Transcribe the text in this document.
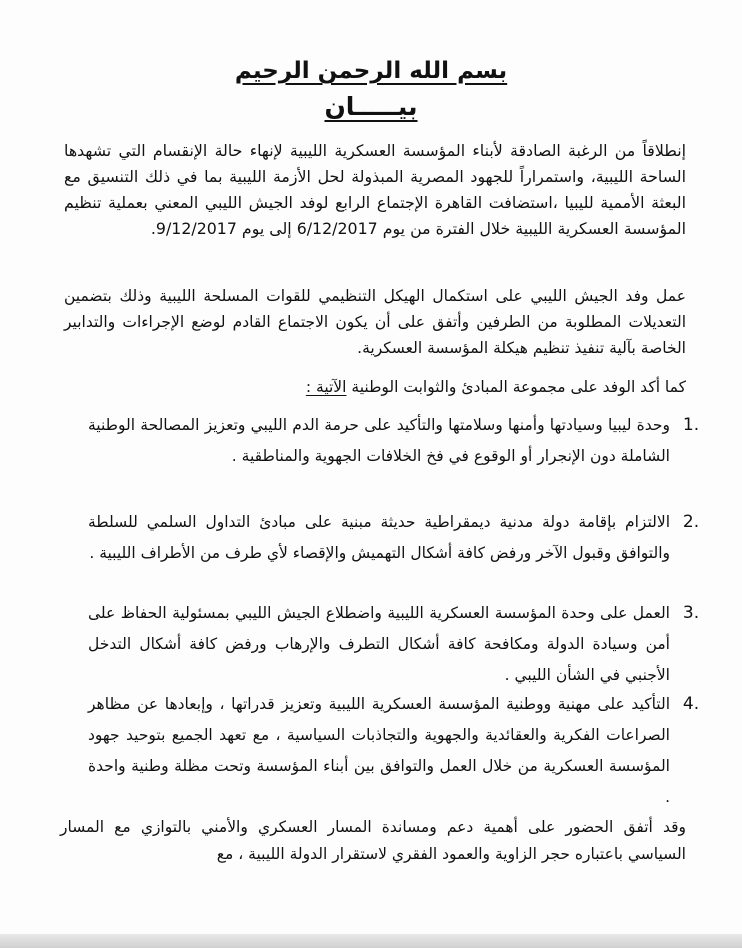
بسم الله الرحمن الرحيم
بيـــــان
إنطلاقاً من الرغبة الصادقة لأبناء المؤسسة العسكرية الليبية لإنهاء حالة الإنقسام التي تشهدها الساحة الليبية، واستمراراً للجهود المصرية المبذولة لحل الأزمة الليبية بما في ذلك التنسيق مع البعثة الأممية لليبيا ،استضافت القاهرة الإجتماع الرابع لوفد الجيش الليبي المعني بعملية تنظيم المؤسسة العسكرية الليبية خلال الفترة من يوم 6/12/2017 إلى يوم 9/12/2017.
عمل وفد الجيش الليبي على استكمال الهيكل التنظيمي للقوات المسلحة الليبية وذلك بتضمين التعديلات المطلوبة من الطرفين وأتفق على أن يكون الاجتماع القادم لوضع الإجراءات والتدابير الخاصة بآلية تنفيذ تنظيم هيكلة المؤسسة العسكرية.
كما أكد الوفد على مجموعة المبادئ والثوابت الوطنية الآتية :
1.
وحدة ليبيا وسيادتها وأمنها وسلامتها والتأكيد على حرمة الدم الليبي وتعزيز المصالحة الوطنية الشاملة دون الإنجرار أو الوقوع في فخ الخلافات الجهوية والمناطقية .
2.
الالتزام بإقامة دولة مدنية ديمقراطية حديثة مبنية على مبادئ التداول السلمي للسلطة والتوافق وقبول الآخر ورفض كافة أشكال التهميش والإقصاء لأي طرف من الأطراف الليبية .
3.
العمل على وحدة المؤسسة العسكرية الليبية واضطلاع الجيش الليبي بمسئولية الحفاظ على أمن وسيادة الدولة ومكافحة كافة أشكال التطرف والإرهاب ورفض كافة أشكال التدخل الأجنبي في الشأن الليبي .
4.
التأكيد على مهنية ووطنية المؤسسة العسكرية الليبية وتعزيز قدراتها ، وإبعادها عن مظاهر الصراعات الفكرية والعقائدية والجهوية والتجاذبات السياسية ، مع تعهد الجميع بتوحيد جهود المؤسسة العسكرية من خلال العمل والتوافق بين أبناء المؤسسة وتحت مظلة وطنية واحدة .
وقد أتفق الحضور على أهمية دعم ومساندة المسار العسكري والأمني بالتوازي مع المسار السياسي باعتباره حجر الزاوية والعمود الفقري لاستقرار الدولة الليبية ، مع
